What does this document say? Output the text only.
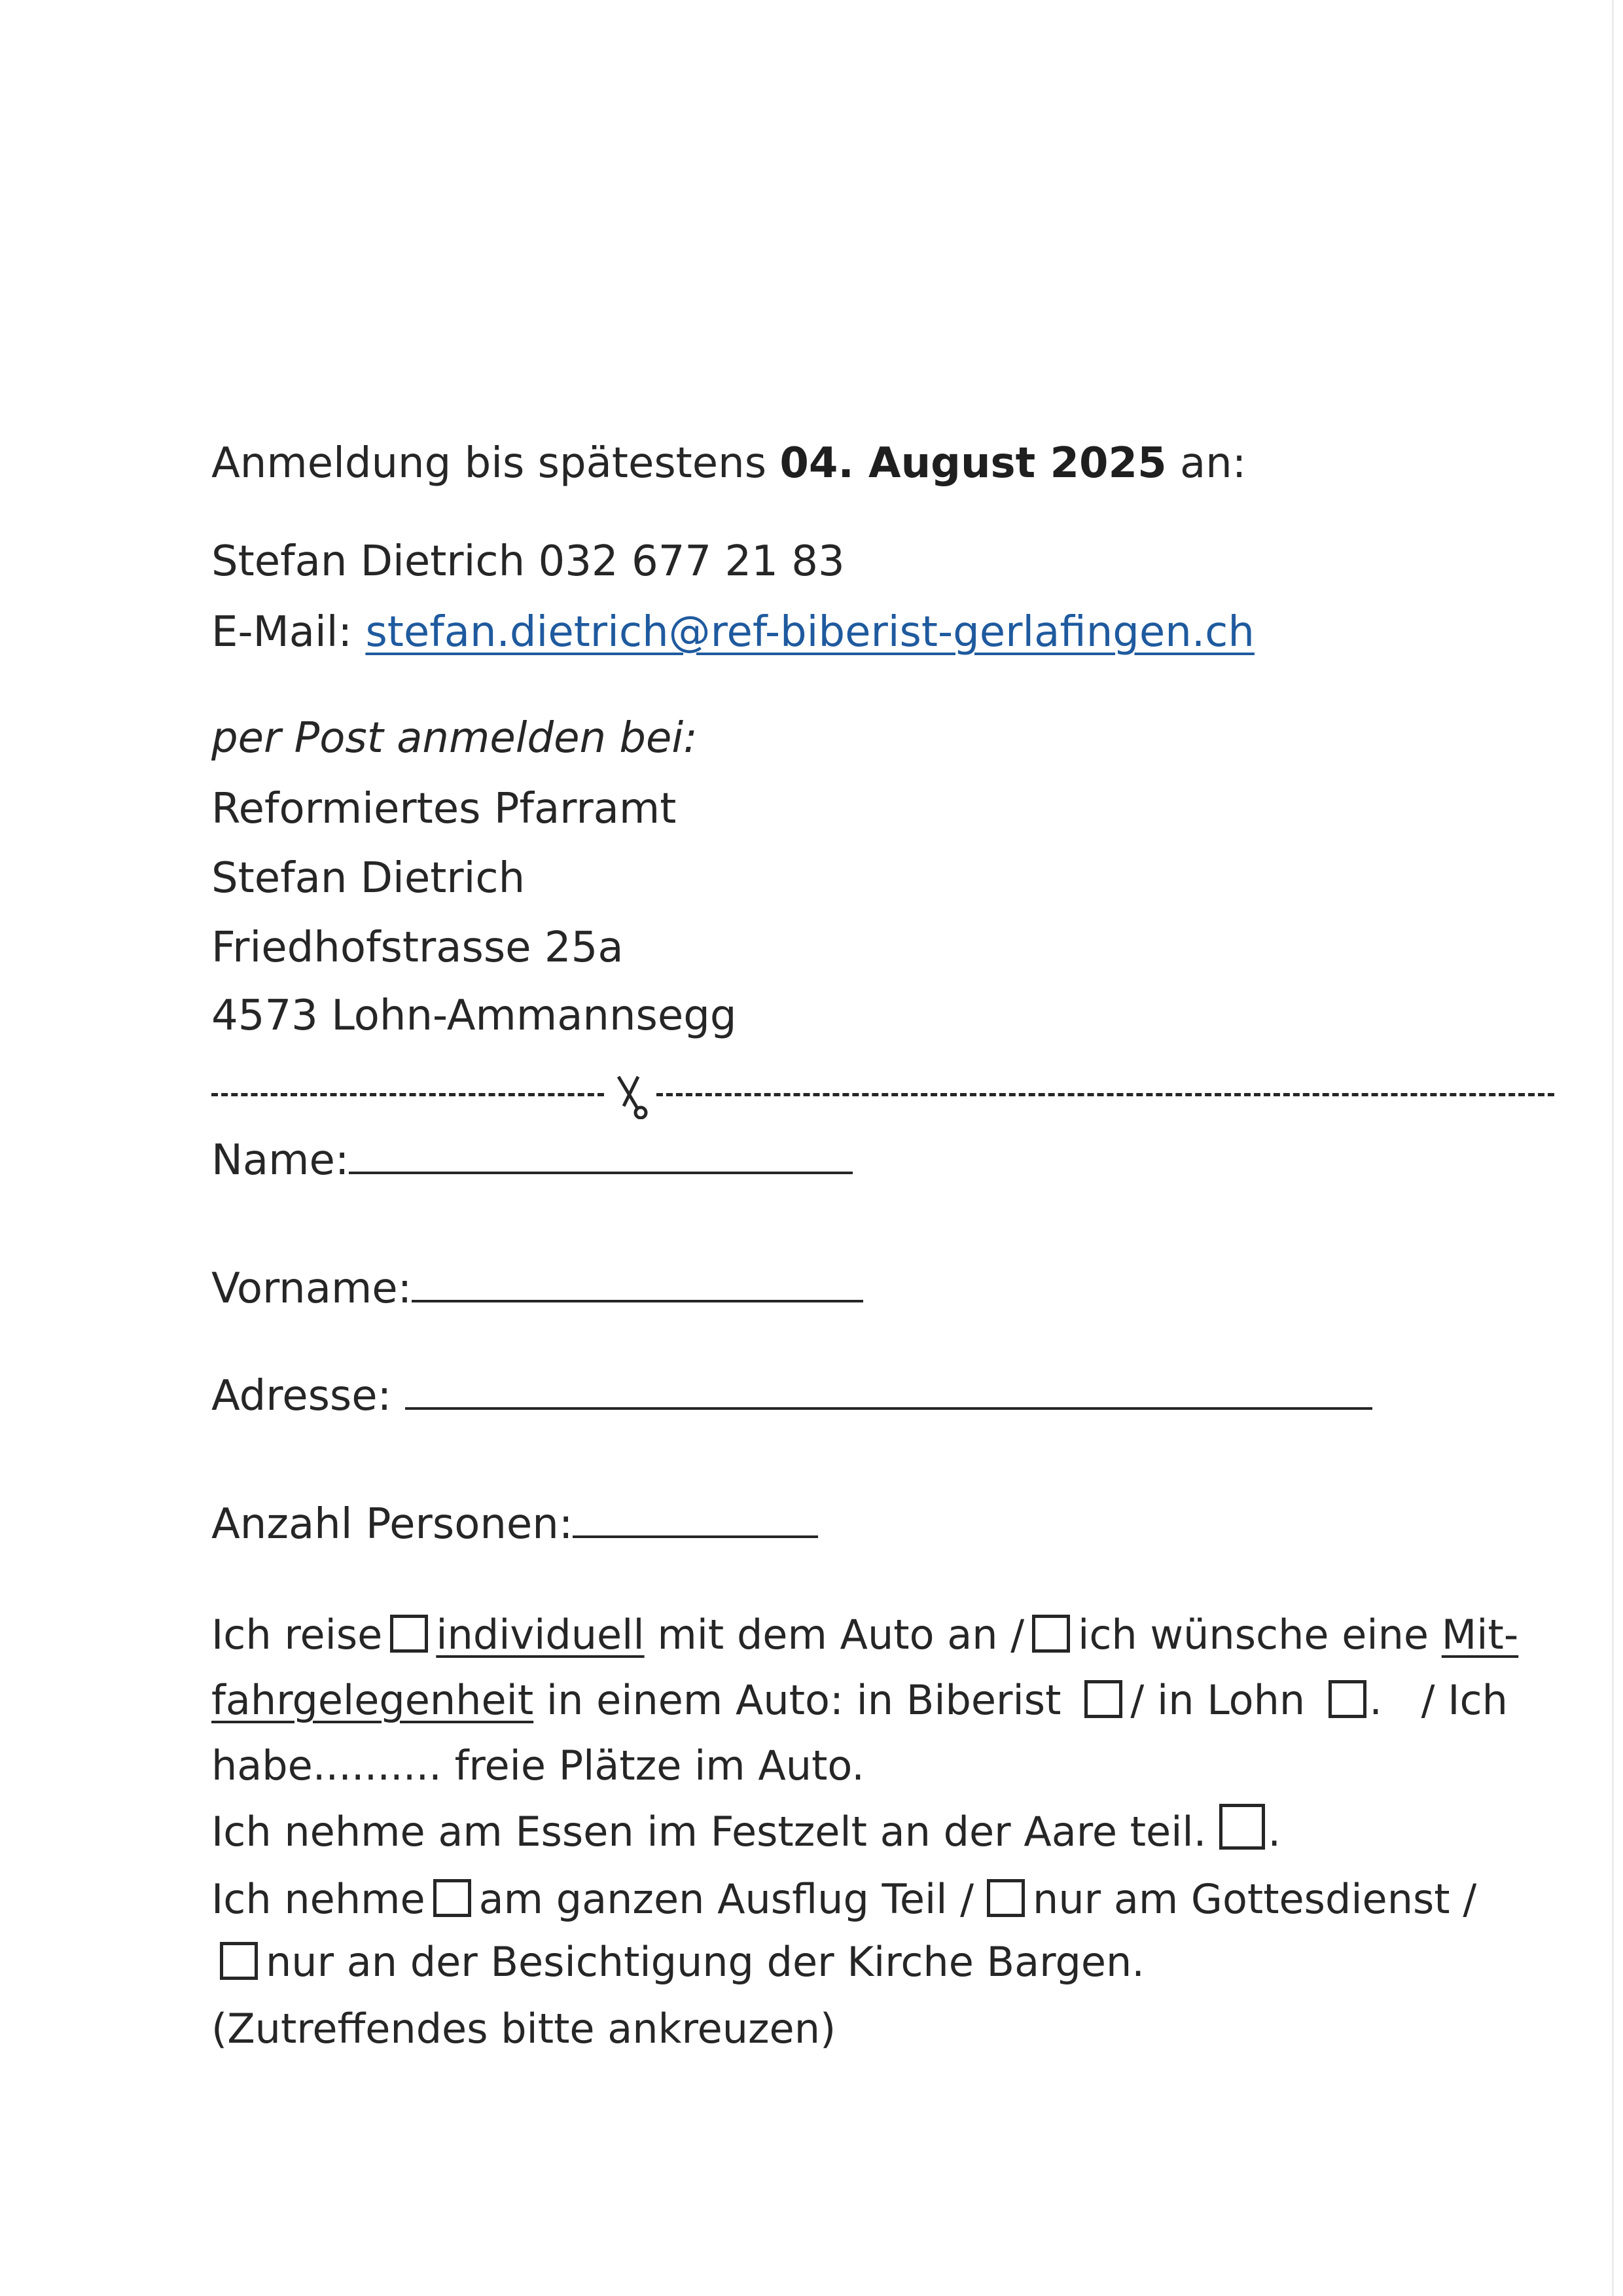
Anmeldung bis spätestens 04. August 2025 an:
Stefan Dietrich 032 677 21 83
E-Mail: stefan.dietrich@ref-biberist-gerlafingen.ch
per Post anmelden bei:
Reformiertes Pfarramt
Stefan Dietrich
Friedhofstrasse 25a
4573 Lohn-Ammannsegg
Name:
Vorname:
Adresse:
Anzahl Personen:
Ich reise individuell mit dem Auto an / ich wünsche eine Mit-
fahrgelegenheit in einem Auto: in Biberist / in Lohn . / Ich
habe.......... freie Plätze im Auto.
Ich nehme am Essen im Festzelt an der Aare teil. .
Ich nehme am ganzen Ausflug Teil / nur am Gottesdienst /
nur an der Besichtigung der Kirche Bargen.
(Zutreffendes bitte ankreuzen)
